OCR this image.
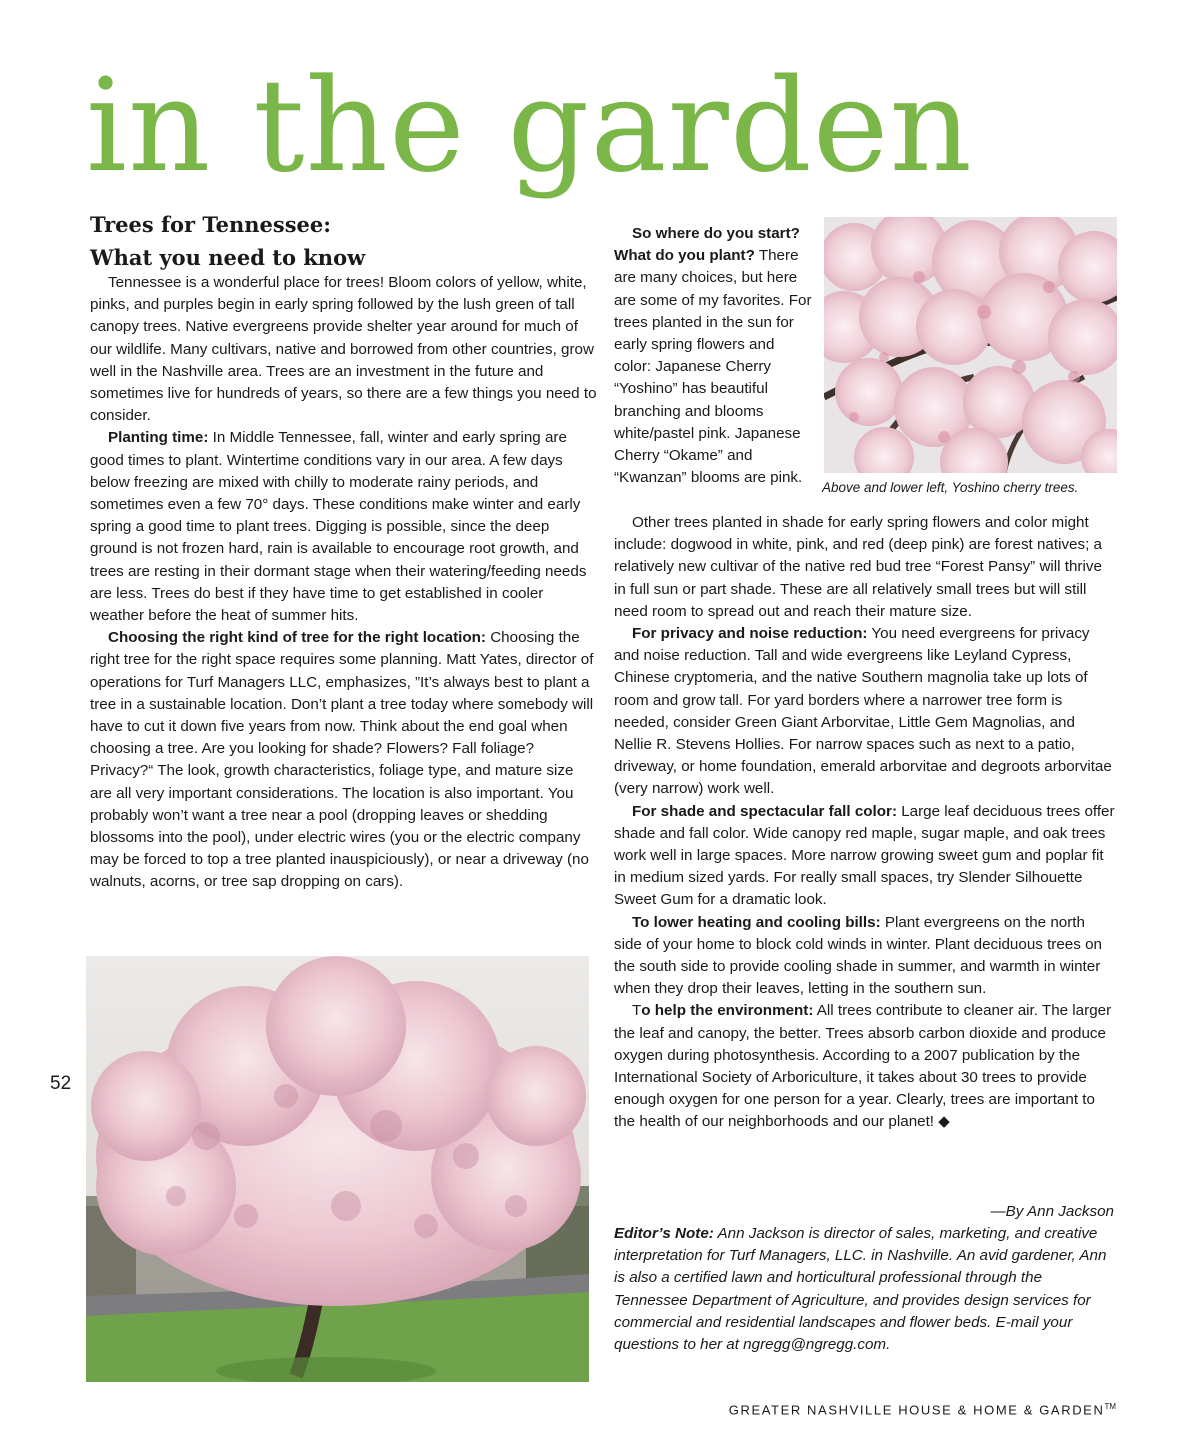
in the garden
Trees for Tennessee:
What you need to know

Tennessee is a wonderful place for trees! Bloom colors of yellow, white, pinks, and purples begin in early spring followed by the lush green of tall canopy trees. Native evergreens provide shelter year around for much of our wildlife. Many cultivars, native and borrowed from other countries, grow well in the Nashville area. Trees are an investment in the future and sometimes live for hundreds of years, so there are a few things you need to consider.

Planting time: In Middle Tennessee, fall, winter and early spring are good times to plant. Wintertime conditions vary in our area. A few days below freezing are mixed with chilly to moderate rainy periods, and sometimes even a few 70° days. These conditions make winter and early spring a good time to plant trees. Digging is possible, since the deep ground is not frozen hard, rain is available to encourage root growth, and trees are resting in their dormant stage when their watering/feeding needs are less. Trees do best if they have time to get established in cooler weather before the heat of summer hits.

Choosing the right kind of tree for the right location: Choosing the right tree for the right space requires some planning. Matt Yates, director of operations for Turf Managers LLC, emphasizes, ”It’s always best to plant a tree in a sustainable location. Don’t plant a tree today where somebody will have to cut it down five years from now. Think about the end goal when choosing a tree. Are you looking for shade? Flowers? Fall foliage? Privacy?“ The look, growth characteristics, foliage type, and mature size are all very important considerations. The location is also important. You probably won’t want a tree near a pool (dropping leaves or shedding blossoms into the pool), under electric wires (you or the electric company may be forced to top a tree planted inauspiciously), or near a driveway (no walnuts, acorns, or tree sap dropping on cars).

So where do you start? What do you plant? There are many choices, but here are some of my favorites. For trees planted in the sun for early spring flowers and color: Japanese Cherry “Yoshino” has beautiful branching and blooms white/pastel pink. Japanese Cherry “Okame” and “Kwanzan” blooms are pink.

Above and lower left, Yoshino cherry trees.

Other trees planted in shade for early spring flowers and color might include: dogwood in white, pink, and red (deep pink) are forest natives; a relatively new cultivar of the native red bud tree “Forest Pansy” will thrive in full sun or part shade. These are all relatively small trees but will still need room to spread out and reach their mature size.

For privacy and noise reduction: You need evergreens for privacy and noise reduction. Tall and wide evergreens like Leyland Cypress, Chinese cryptomeria, and the native Southern magnolia take up lots of room and grow tall. For yard borders where a narrower tree form is needed, consider Green Giant Arborvitae, Little Gem Magnolias, and Nellie R. Stevens Hollies. For narrow spaces such as next to a patio, driveway, or home foundation, emerald arborvitae and degroots arborvitae (very narrow) work well.

For shade and spectacular fall color: Large leaf deciduous trees offer shade and fall color. Wide canopy red maple, sugar maple, and oak trees work well in large spaces. More narrow growing sweet gum and poplar fit in medium sized yards. For really small spaces, try Slender Silhouette Sweet Gum for a dramatic look.

To lower heating and cooling bills: Plant evergreens on the north side of your home to block cold winds in winter. Plant deciduous trees on the south side to provide cooling shade in summer, and warmth in winter when they drop their leaves, letting in the southern sun.

To help the environment: All trees contribute to cleaner air. The larger the leaf and canopy, the better. Trees absorb carbon dioxide and produce oxygen during photosynthesis. According to a 2007 publication by the International Society of Arboriculture, it takes about 30 trees to provide enough oxygen for one person for a year. Clearly, trees are important to the health of our neighborhoods and our planet! ◆

—By Ann Jackson
Editor’s Note: Ann Jackson is director of sales, marketing, and creative interpretation for Turf Managers, LLC. in Nashville. An avid gardener, Ann is also a certified lawn and horticultural professional through the Tennessee Department of Agriculture, and provides design services for commercial and residential landscapes and flower beds. E-mail your questions to her at ngregg@ngregg.com.
52
GREATER NASHVILLE HOUSE & HOME & GARDEN™
